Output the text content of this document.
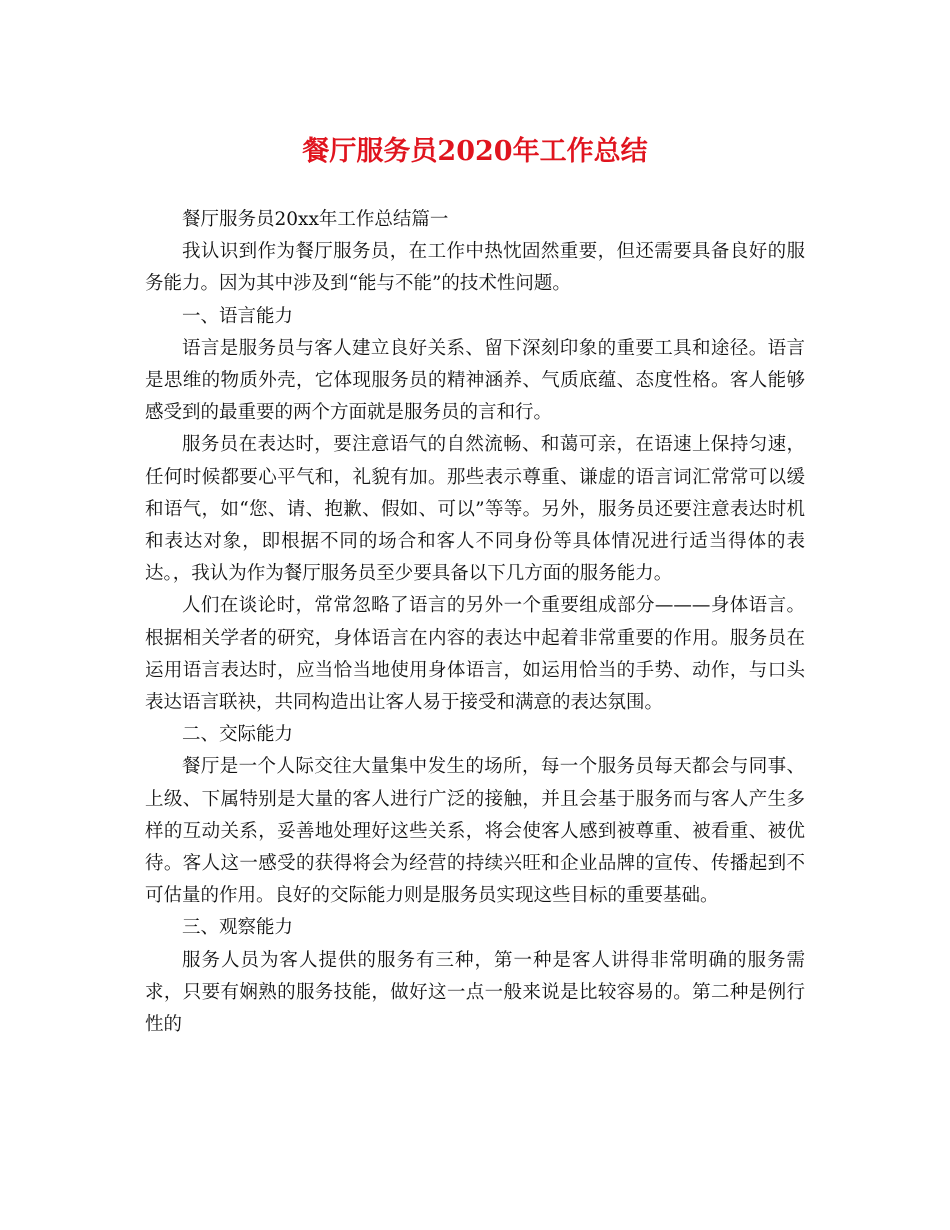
餐厅服务员2020年工作总结

餐厅服务员20xx年工作总结篇一

我认识到作为餐厅服务员，在工作中热忱固然重要，但还需要具备良好的服务能力。因为其中涉及到“能与不能”的技术性问题。

一、语言能力

语言是服务员与客人建立良好关系、留下深刻印象的重要工具和途径。语言是思维的物质外壳，它体现服务员的精神涵养、气质底蕴、态度性格。客人能够感受到的最重要的两个方面就是服务员的言和行。

服务员在表达时，要注意语气的自然流畅、和蔼可亲，在语速上保持匀速，任何时候都要心平气和，礼貌有加。那些表示尊重、谦虚的语言词汇常常可以缓和语气，如“您、请、抱歉、假如、可以”等等。另外，服务员还要注意表达时机和表达对象，即根据不同的场合和客人不同身份等具体情况进行适当得体的表达。，我认为作为餐厅服务员至少要具备以下几方面的服务能力。

人们在谈论时，常常忽略了语言的另外一个重要组成部分———身体语言。根据相关学者的研究，身体语言在内容的表达中起着非常重要的作用。服务员在运用语言表达时，应当恰当地使用身体语言，如运用恰当的手势、动作，与口头表达语言联袂，共同构造出让客人易于接受和满意的表达氛围。

二、交际能力

餐厅是一个人际交往大量集中发生的场所，每一个服务员每天都会与同事、上级、下属特别是大量的客人进行广泛的接触，并且会基于服务而与客人产生多样的互动关系，妥善地处理好这些关系，将会使客人感到被尊重、被看重、被优待。客人这一感受的获得将会为经营的持续兴旺和企业品牌的宣传、传播起到不可估量的作用。良好的交际能力则是服务员实现这些目标的重要基础。

三、观察能力

服务人员为客人提供的服务有三种，第一种是客人讲得非常明确的服务需求，只要有娴熟的服务技能，做好这一点一般来说是比较容易的。第二种是例行性的
